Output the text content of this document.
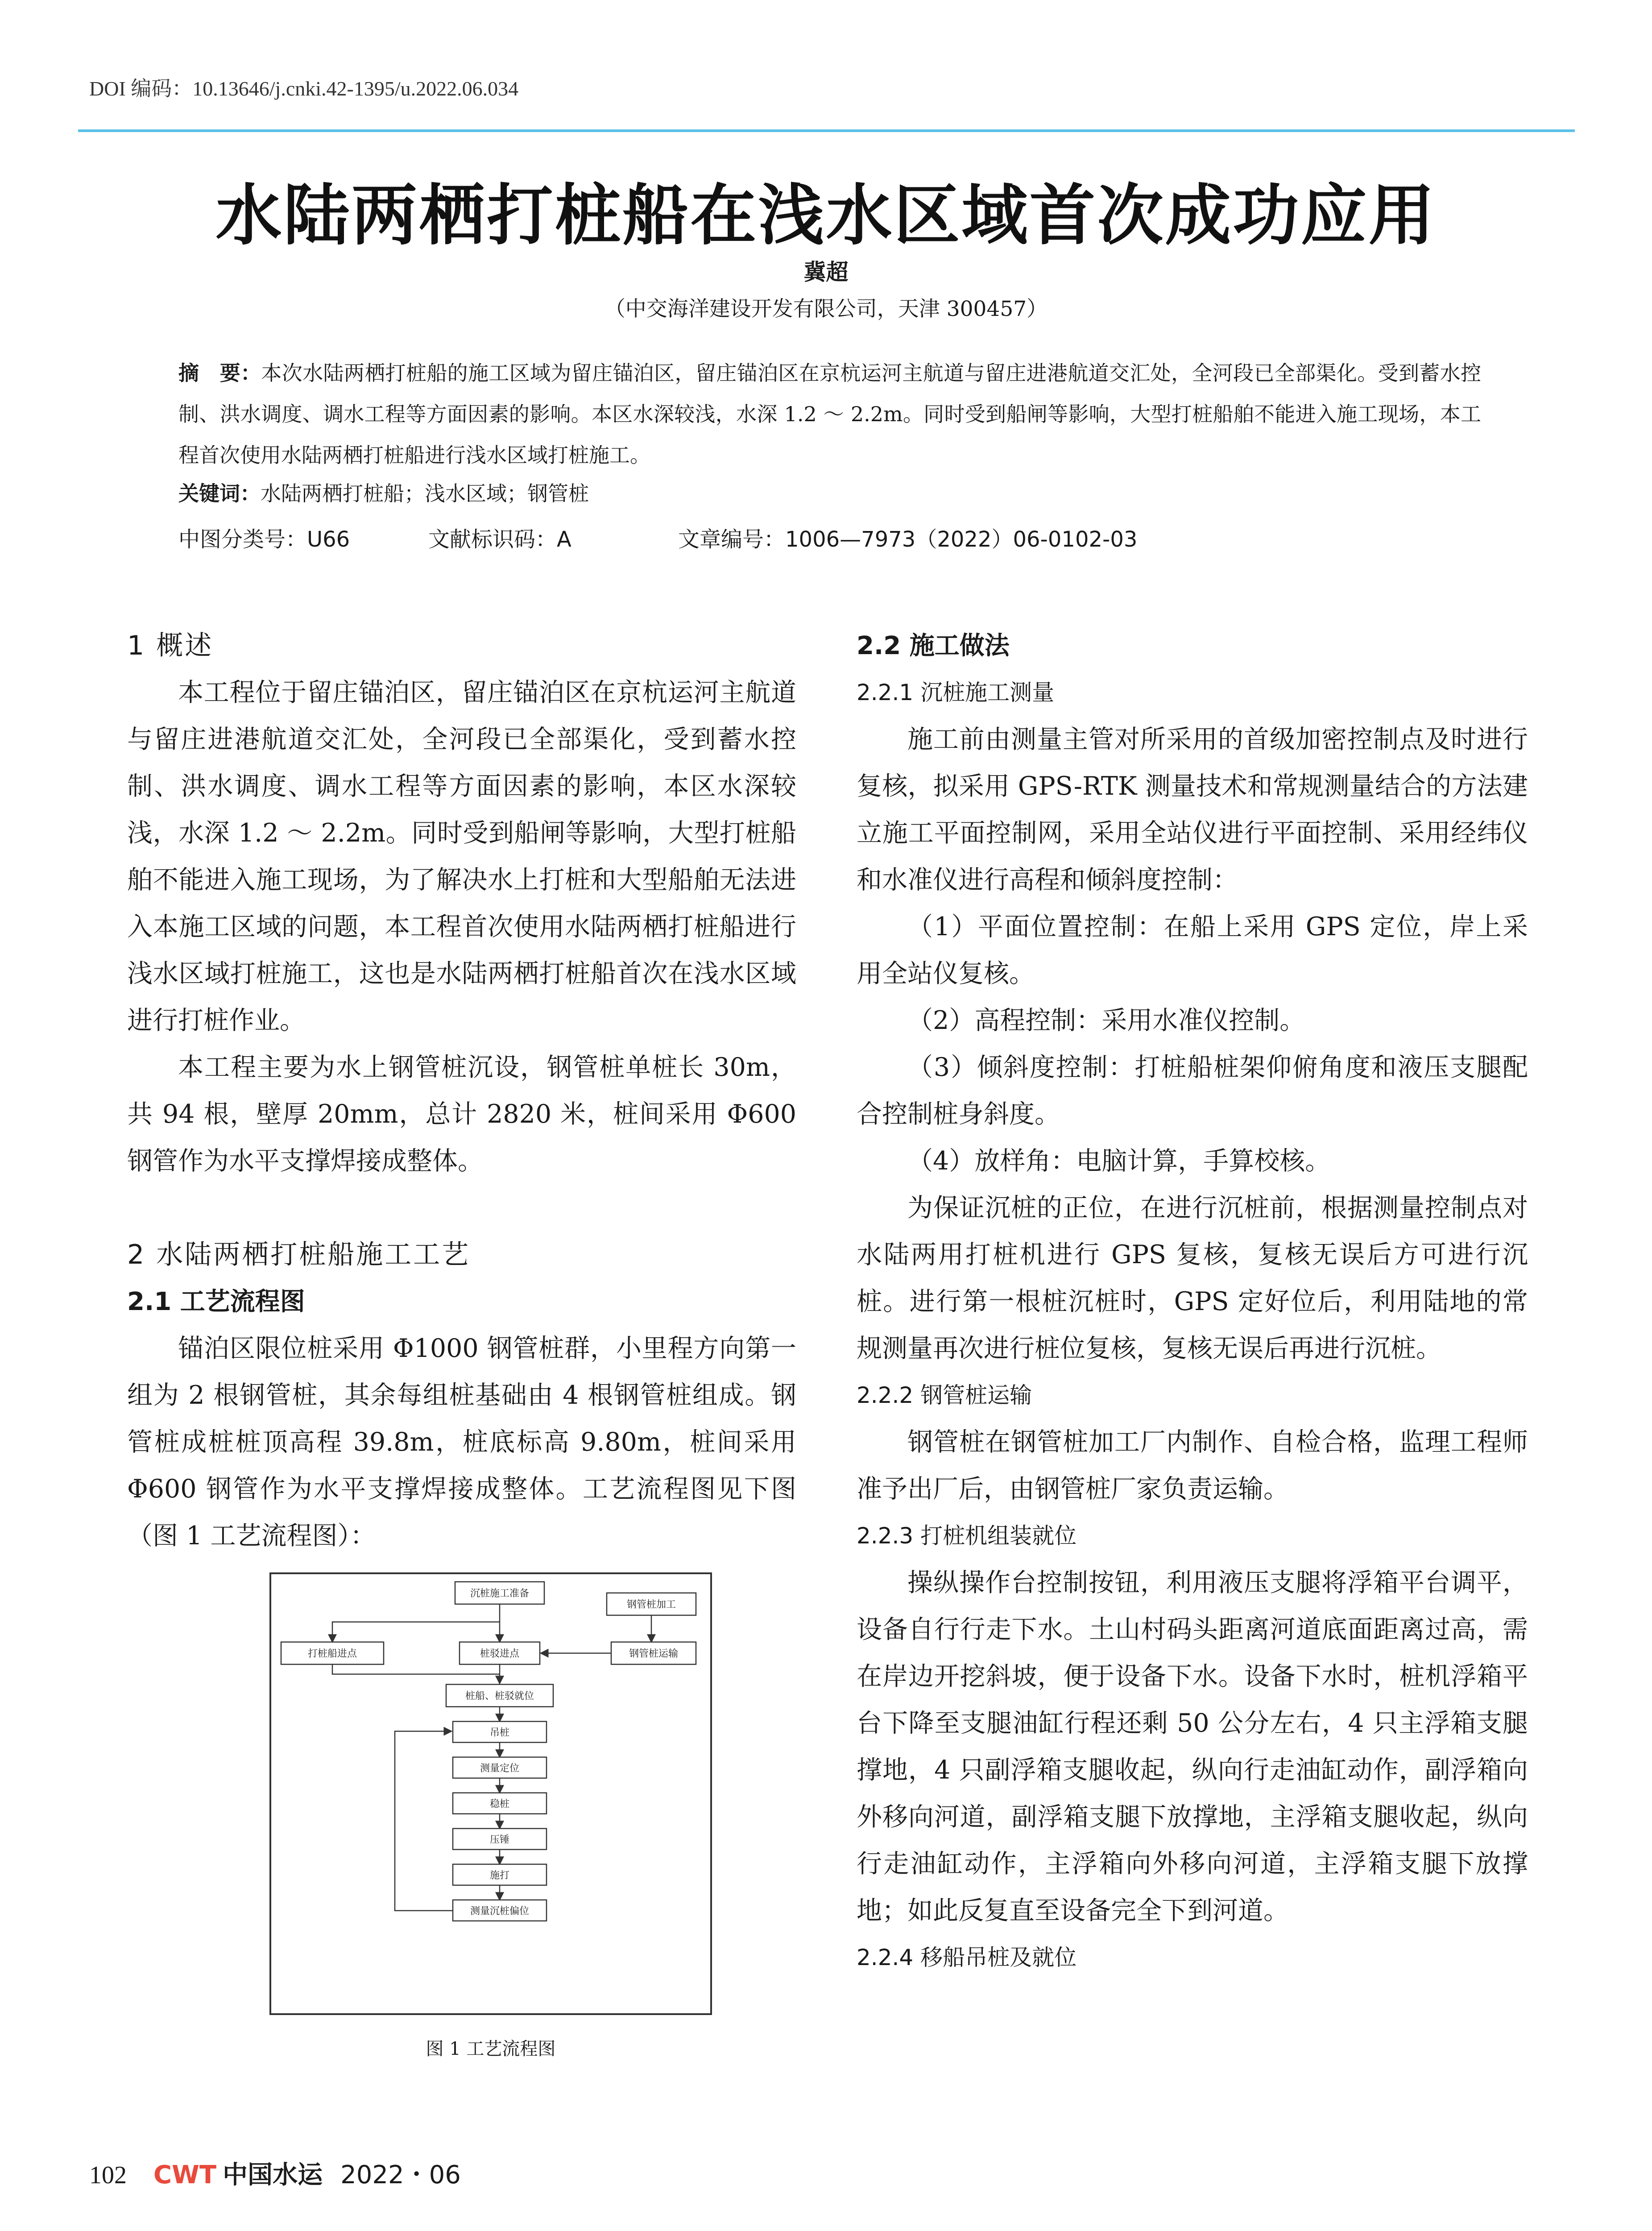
DOI 编码：10.13646/j.cnki.42-1395/u.2022.06.034
水陆两栖打桩船在浅水区域首次成功应用
冀超
（中交海洋建设开发有限公司，天津 300457）
摘　要：本次水陆两栖打桩船的施工区域为留庄锚泊区，留庄锚泊区在京杭运河主航道与留庄进港航道交汇处，全河段已全部渠化。受到蓄水控制、洪水调度、调水工程等方面因素的影响。本区水深较浅，水深 1.2 ～ 2.2m。同时受到船闸等影响，大型打桩船舶不能进入施工现场，本工程首次使用水陆两栖打桩船进行浅水区域打桩施工。
关键词：水陆两栖打桩船；浅水区域；钢管桩
中图分类号：U66	文献标识码：A	文章编号：1006—7973（2022）06-0102-03
1 概述

本工程位于留庄锚泊区，留庄锚泊区在京杭运河主航道与留庄进港航道交汇处，全河段已全部渠化，受到蓄水控制、洪水调度、调水工程等方面因素的影响，本区水深较浅，水深 1.2 ～ 2.2m。同时受到船闸等影响，大型打桩船舶不能进入施工现场，为了解决水上打桩和大型船舶无法进入本施工区域的问题，本工程首次使用水陆两栖打桩船进行浅水区域打桩施工，这也是水陆两栖打桩船首次在浅水区域进行打桩作业。

本工程主要为水上钢管桩沉设，钢管桩单桩长 30m，共 94 根，壁厚 20mm，总计 2820 米，桩间采用 Φ600 钢管作为水平支撑焊接成整体。

2 水陆两栖打桩船施工工艺
2.1 工艺流程图

锚泊区限位桩采用 Φ1000 钢管桩群，小里程方向第一组为 2 根钢管桩，其余每组桩基础由 4 根钢管桩组成。钢管桩成桩桩顶高程 39.8m，桩底标高 9.80m，桩间采用 Φ600 钢管作为水平支撑焊接成整体。工艺流程图见下图（图 1 工艺流程图）：

沉桩施工准备
钢管桩加工
打桩船进点	桩驳进点	钢管桩运输
桩船、桩驳就位
吊桩
测量定位
稳桩
压锤
施打
测量沉桩偏位
图 1 工艺流程图
2.2 施工做法
2.2.1 沉桩施工测量

施工前由测量主管对所采用的首级加密控制点及时进行复核，拟采用 GPS-RTK 测量技术和常规测量结合的方法建立施工平面控制网，采用全站仪进行平面控制、采用经纬仪和水准仪进行高程和倾斜度控制：

（1）平面位置控制：在船上采用 GPS 定位，岸上采用全站仪复核。

（2）高程控制：采用水准仪控制。

（3）倾斜度控制：打桩船桩架仰俯角度和液压支腿配合控制桩身斜度。

（4）放样角：电脑计算，手算校核。

为保证沉桩的正位，在进行沉桩前，根据测量控制点对水陆两用打桩机进行 GPS 复核，复核无误后方可进行沉桩。进行第一根桩沉桩时，GPS 定好位后，利用陆地的常规测量再次进行桩位复核，复核无误后再进行沉桩。

2.2.2 钢管桩运输

钢管桩在钢管桩加工厂内制作、自检合格，监理工程师准予出厂后，由钢管桩厂家负责运输。

2.2.3 打桩机组装就位

操纵操作台控制按钮，利用液压支腿将浮箱平台调平，设备自行行走下水。土山村码头距离河道底面距离过高，需在岸边开挖斜坡，便于设备下水。设备下水时，桩机浮箱平台下降至支腿油缸行程还剩 50 公分左右，4 只主浮箱支腿撑地，4 只副浮箱支腿收起，纵向行走油缸动作，副浮箱向外移向河道，副浮箱支腿下放撑地，主浮箱支腿收起，纵向行走油缸动作，主浮箱向外移向河道，主浮箱支腿下放撑地；如此反复直至设备完全下到河道。

2.2.4 移船吊桩及就位
102 CWT 中国水运 2022・06
